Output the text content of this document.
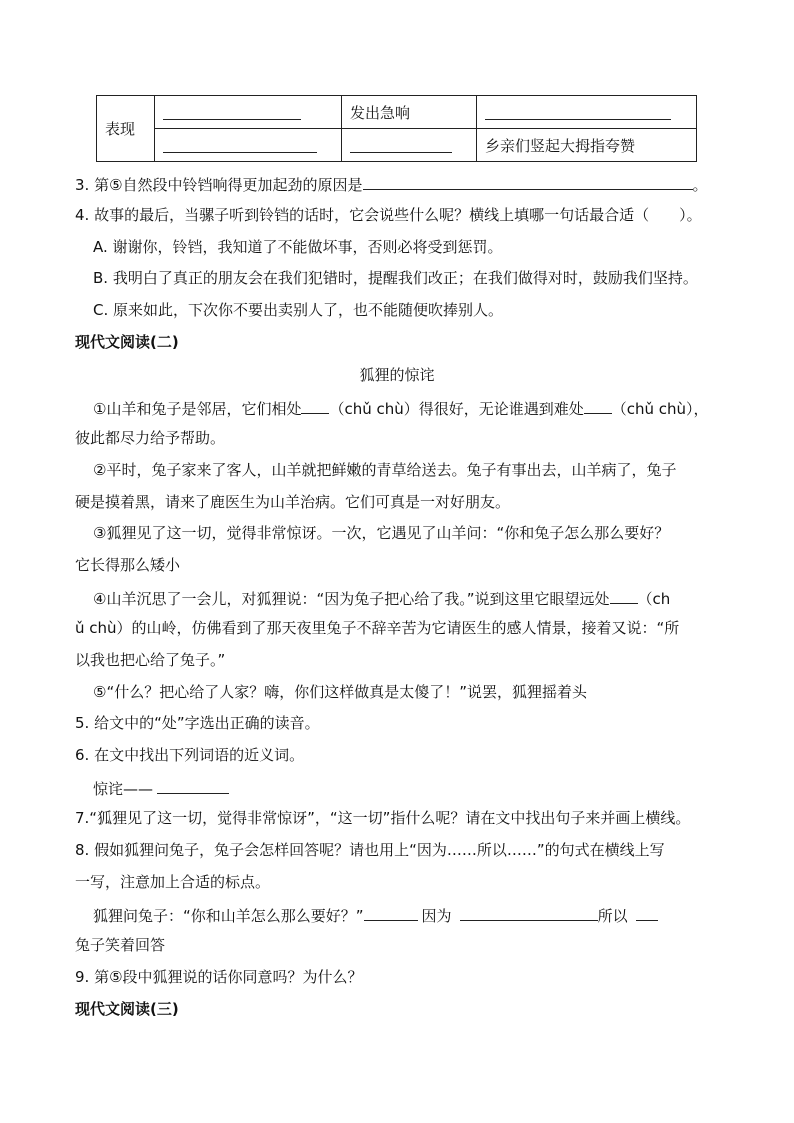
表现		发出急响	
			乡亲们竖起大拇指夸赞
3. 第⑤自然段中铃铛响得更加起劲的原因是	。
4. 故事的最后，当骡子听到铃铛的话时，它会说些什么呢？横线上填哪一句话最合适（　　）。
A. 谢谢你，铃铛，我知道了不能做坏事，否则必将受到惩罚。
B. 我明白了真正的朋友会在我们犯错时，提醒我们改正；在我们做得对时，鼓励我们坚持。
C. 原来如此，下次你不要出卖别人了，也不能随便吹捧别人。
现代文阅读(二)
狐狸的惊诧
①山羊和兔子是邻居，它们相处 （chǔ chù）得很好，无论谁遇到难处 （chǔ chù），
彼此都尽力给予帮助。
②平时，兔子家来了客人，山羊就把鲜嫩的青草给送去。兔子有事出去，山羊病了，兔子
硬是摸着黑，请来了鹿医生为山羊治病。它们可真是一对好朋友。
③狐狸见了这一切，觉得非常惊讶。一次，它遇见了山羊问：“你和兔子怎么那么要好？
它长得那么矮小
④山羊沉思了一会儿，对狐狸说：“因为兔子把心给了我。”说到这里它眼望远处 （ch
ǔ chù）的山岭，仿佛看到了那天夜里兔子不辞辛苦为它请医生的感人情景，接着又说：“所
以我也把心给了兔子。”
⑤“什么？把心给了人家？嗨，你们这样做真是太傻了！”说罢，狐狸摇着头
5. 给文中的“处”字选出正确的读音。
6. 在文中找出下列词语的近义词。
惊诧——
7.“狐狸见了这一切，觉得非常惊讶”，“这一切”指什么呢？请在文中找出句子来并画上横线。
8. 假如狐狸问兔子，兔子会怎样回答呢？请也用上“因为……所以……”的句式在横线上写
一写，注意加上合适的标点。
狐狸问兔子：“你和山羊怎么那么要好？”	因为	所以
兔子笑着回答
9. 第⑤段中狐狸说的话你同意吗？为什么？
现代文阅读(三)
